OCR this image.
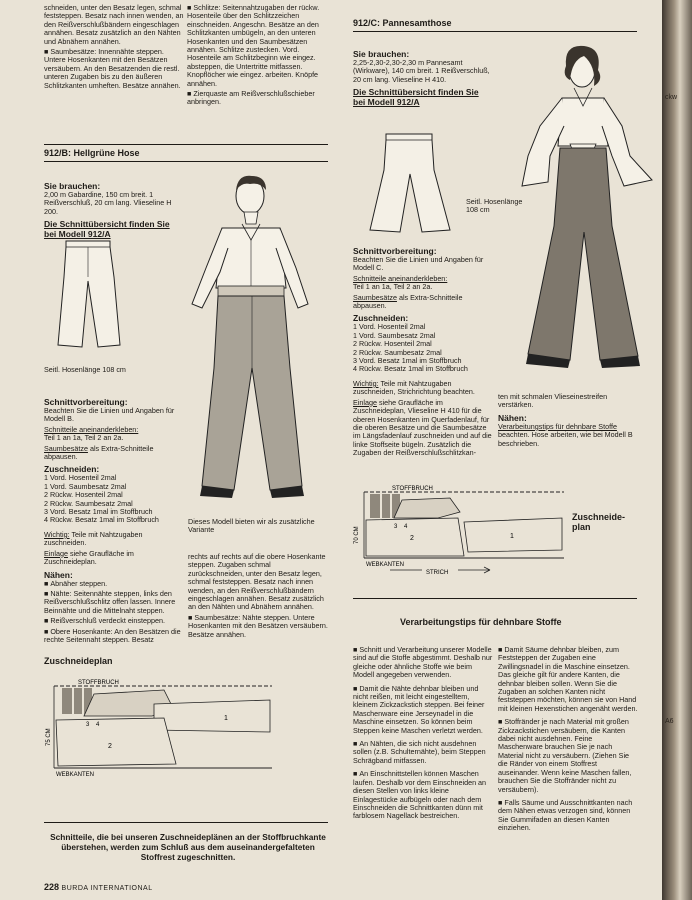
schneiden, unter den Besatz legen, schmal feststeppen. Besatz nach innen wenden, an den Reißverschlußbändern eingeschlagen annähen. Besatz zusätzlich an den Nähten und Abnähern annähen.

■ Saumbesätze: Innennähte steppen. Untere Hosenkanten mit den Besätzen versäubern. An den Besatzenden die restl. unteren Zugaben bis zu den äußeren Schlitzkanten umheften. Besätze annähen.

■ Schlitze: Seitennahtzugaben der rückw. Hosenteile über den Schlitzzeichen einschneiden. Angeschn. Besätze an den Schlitzkanten umbügeln, an den unteren Hosenkanten und den Saumbesätzen annähen. Schlitze zustecken. Vord. Hosenteile am Schlitzbeginn wie eingez. absteppen, die Untertritte mitfassen. Knopflöcher wie eingez. arbeiten. Knöpfe annähen.

■ Zierquaste am Reißverschlußschieber anbringen.

912/B: Hellgrüne Hose
Sie brauchen:

2,00 m Gabardine, 150 cm breit. 1 Reißverschluß, 20 cm lang. Vlieseline H 200.

Die Schnittübersicht finden Sie bei Modell 912/A
Seitl. Hosenlänge 108 cm
Schnittvorbereitung:

Beachten Sie die Linien und Angaben für Modell B.

Schnitteile aneinanderkleben:

Teil 1 an 1a, Teil 2 an 2a.

Saumbesätze als Extra-Schnitteile abpausen.

Zuschneiden:
1 Vord. Hosenteil 2mal
1 Vord. Saumbesatz 2mal
2 Rückw. Hosenteil 2mal
2 Rückw. Saumbesatz 2mal
3 Vord. Besatz 1mal im Stoffbruch
4 Rückw. Besatz 1mal im Stoffbruch

Wichtig: Teile mit Nahtzugaben zuschneiden.

Einlage siehe Graufläche im Zuschneideplan.

Nähen:

■ Abnäher steppen.

■ Nähte: Seitennähte steppen, links den Reißverschlußschlitz offen lassen. Innere Beinnähte und die Mittelnaht steppen.

■ Reißverschluß verdeckt einsteppen.

■ Obere Hosenkante: An den Besätzen die rechte Seitennaht steppen. Besatz

Dieses Modell bieten wir als zusätzliche Variante

rechts auf rechts auf die obere Hosenkante steppen. Zugaben schmal zurückschneiden, unter den Besatz legen, schmal feststeppen. Besatz nach innen wenden, an den Reißverschlußbändern eingeschlagen annähen. Besatz zusätzlich an den Nähten und Abnähern annähen.

■ Saumbesätze: Nähte steppen. Untere Hosenkanten mit den Besätzen versäubern. Besätze annähen.

Zuschneideplan
STOFFBRUCH
75 CM
WEBKANTEN
1
2
3 4
Schnitteile, die bei unseren Zuschneideplänen an der Stoffbruchkante überstehen, werden zum Schluß aus dem auseinandergefalteten Stoffrest zugeschnitten.
228 BURDA INTERNATIONAL
912/C: Pannesamthose
Sie brauchen:

2,25-2,30-2,30-2,30 m Pannesamt (Wirkware), 140 cm breit. 1 Reißverschluß, 20 cm lang. Vlieseline H 410.

Die Schnittübersicht finden Sie bei Modell 912/A
Seitl. Hosenlänge 108 cm
Schnittvorbereitung:

Beachten Sie die Linien und Angaben für Modell C.

Schnitteile aneinanderkleben:

Teil 1 an 1a, Teil 2 an 2a.

Saumbesätze als Extra-Schnitteile abpausen.

Zuschneiden:
1 Vord. Hosenteil 2mal
1 Vord. Saumbesatz 2mal
2 Rückw. Hosenteil 2mal
2 Rückw. Saumbesatz 2mal
3 Vord. Besatz 1mal im Stoffbruch
4 Rückw. Besatz 1mal im Stoffbruch

Wichtig: Teile mit Nahtzugaben zuschneiden, Strichrichtung beachten.

Einlage siehe Graufläche im Zuschneideplan, Vlieseline H 410 für die oberen Hosenkanten im Querfadenlauf, für die oberen Besätze und die Saumbesätze im Längsfadenlauf zuschneiden und auf die linke Stoffseite bügeln. Zusätzlich die Zugaben der Reißverschlußschlitzkan-

ten mit schmalen Vlieseinestreifen verstärken.

Nähen:

Verarbeitungstips für dehnbare Stoffe

beachten. Hose arbeiten, wie bei Modell B beschrieben.

STOFFBRUCH
70 CM
WEBKANTEN
STRICH
1
2
3 4
Zuschneide-plan
Verarbeitungstips für dehnbare Stoffe

■ Schnitt und Verarbeitung unserer Modelle sind auf die Stoffe abgestimmt. Deshalb nur gleiche oder ähnliche Stoffe wie beim Modell angegeben verwenden.

■ Damit die Nähte dehnbar bleiben und nicht reißen, mit leicht eingestelltem, kleinem Zickzackstich steppen. Bei feiner Maschenware eine Jerseynadel in die Maschine einsetzen. So können beim Steppen keine Maschen verletzt werden.

■ An Nähten, die sich nicht ausdehnen sollen (z.B. Schulternähte), beim Steppen Schrägband mitfassen.

■ An Einschnittstellen können Maschen laufen. Deshalb vor dem Einschneiden an diesen Stellen von links kleine Einlagestücke aufbügeln oder nach dem Einschneiden die Schnittkanten dünn mit farblosem Nagellack bestreichen.

■ Damit Säume dehnbar bleiben, zum Feststeppen der Zugaben eine Zwillingsnadel in die Maschine einsetzen. Das gleiche gilt für andere Kanten, die dehnbar bleiben sollen. Wenn Sie die Zugaben an solchen Kanten nicht feststeppen möchten, können sie von Hand mit kleinen Hexenstichen angenäht werden.

■ Stoffränder je nach Material mit großen Zickzackstichen versäubern, die Kanten dabei nicht ausdehnen. Feine Maschenware brauchen Sie je nach Material nicht zu versäubern. (Ziehen Sie die Ränder von einem Stoffrest auseinander. Wenn keine Maschen fallen, brauchen Sie die Stoffränder nicht zu versäubern).

■ Falls Säume und Ausschnittkanten nach dem Nähen etwas verzogen sind, können Sie Gummifaden an diesen Kanten einziehen.

ckw
A6
